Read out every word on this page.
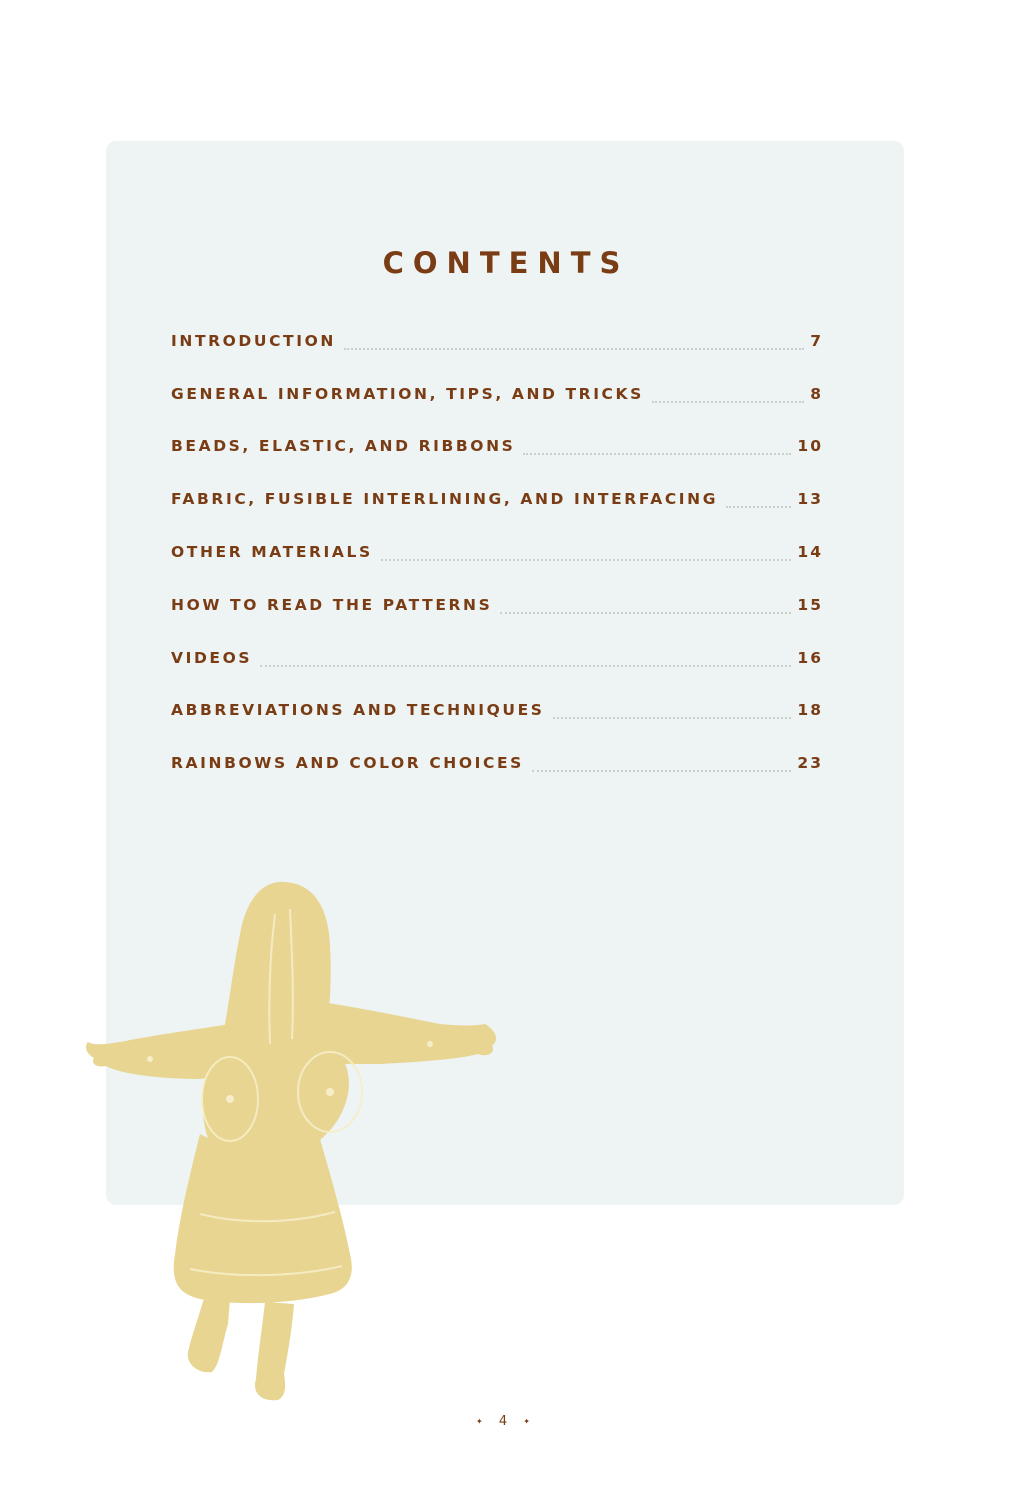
CONTENTS
INTRODUCTION	7
GENERAL INFORMATION, TIPS, AND TRICKS	8
BEADS, ELASTIC, AND RIBBONS	10
FABRIC, FUSIBLE INTERLINING, AND INTERFACING	13
OTHER MATERIALS	14
HOW TO READ THE PATTERNS	15
VIDEOS	16
ABBREVIATIONS AND TECHNIQUES	18
RAINBOWS AND COLOR CHOICES	23
✦ 4 ✦
